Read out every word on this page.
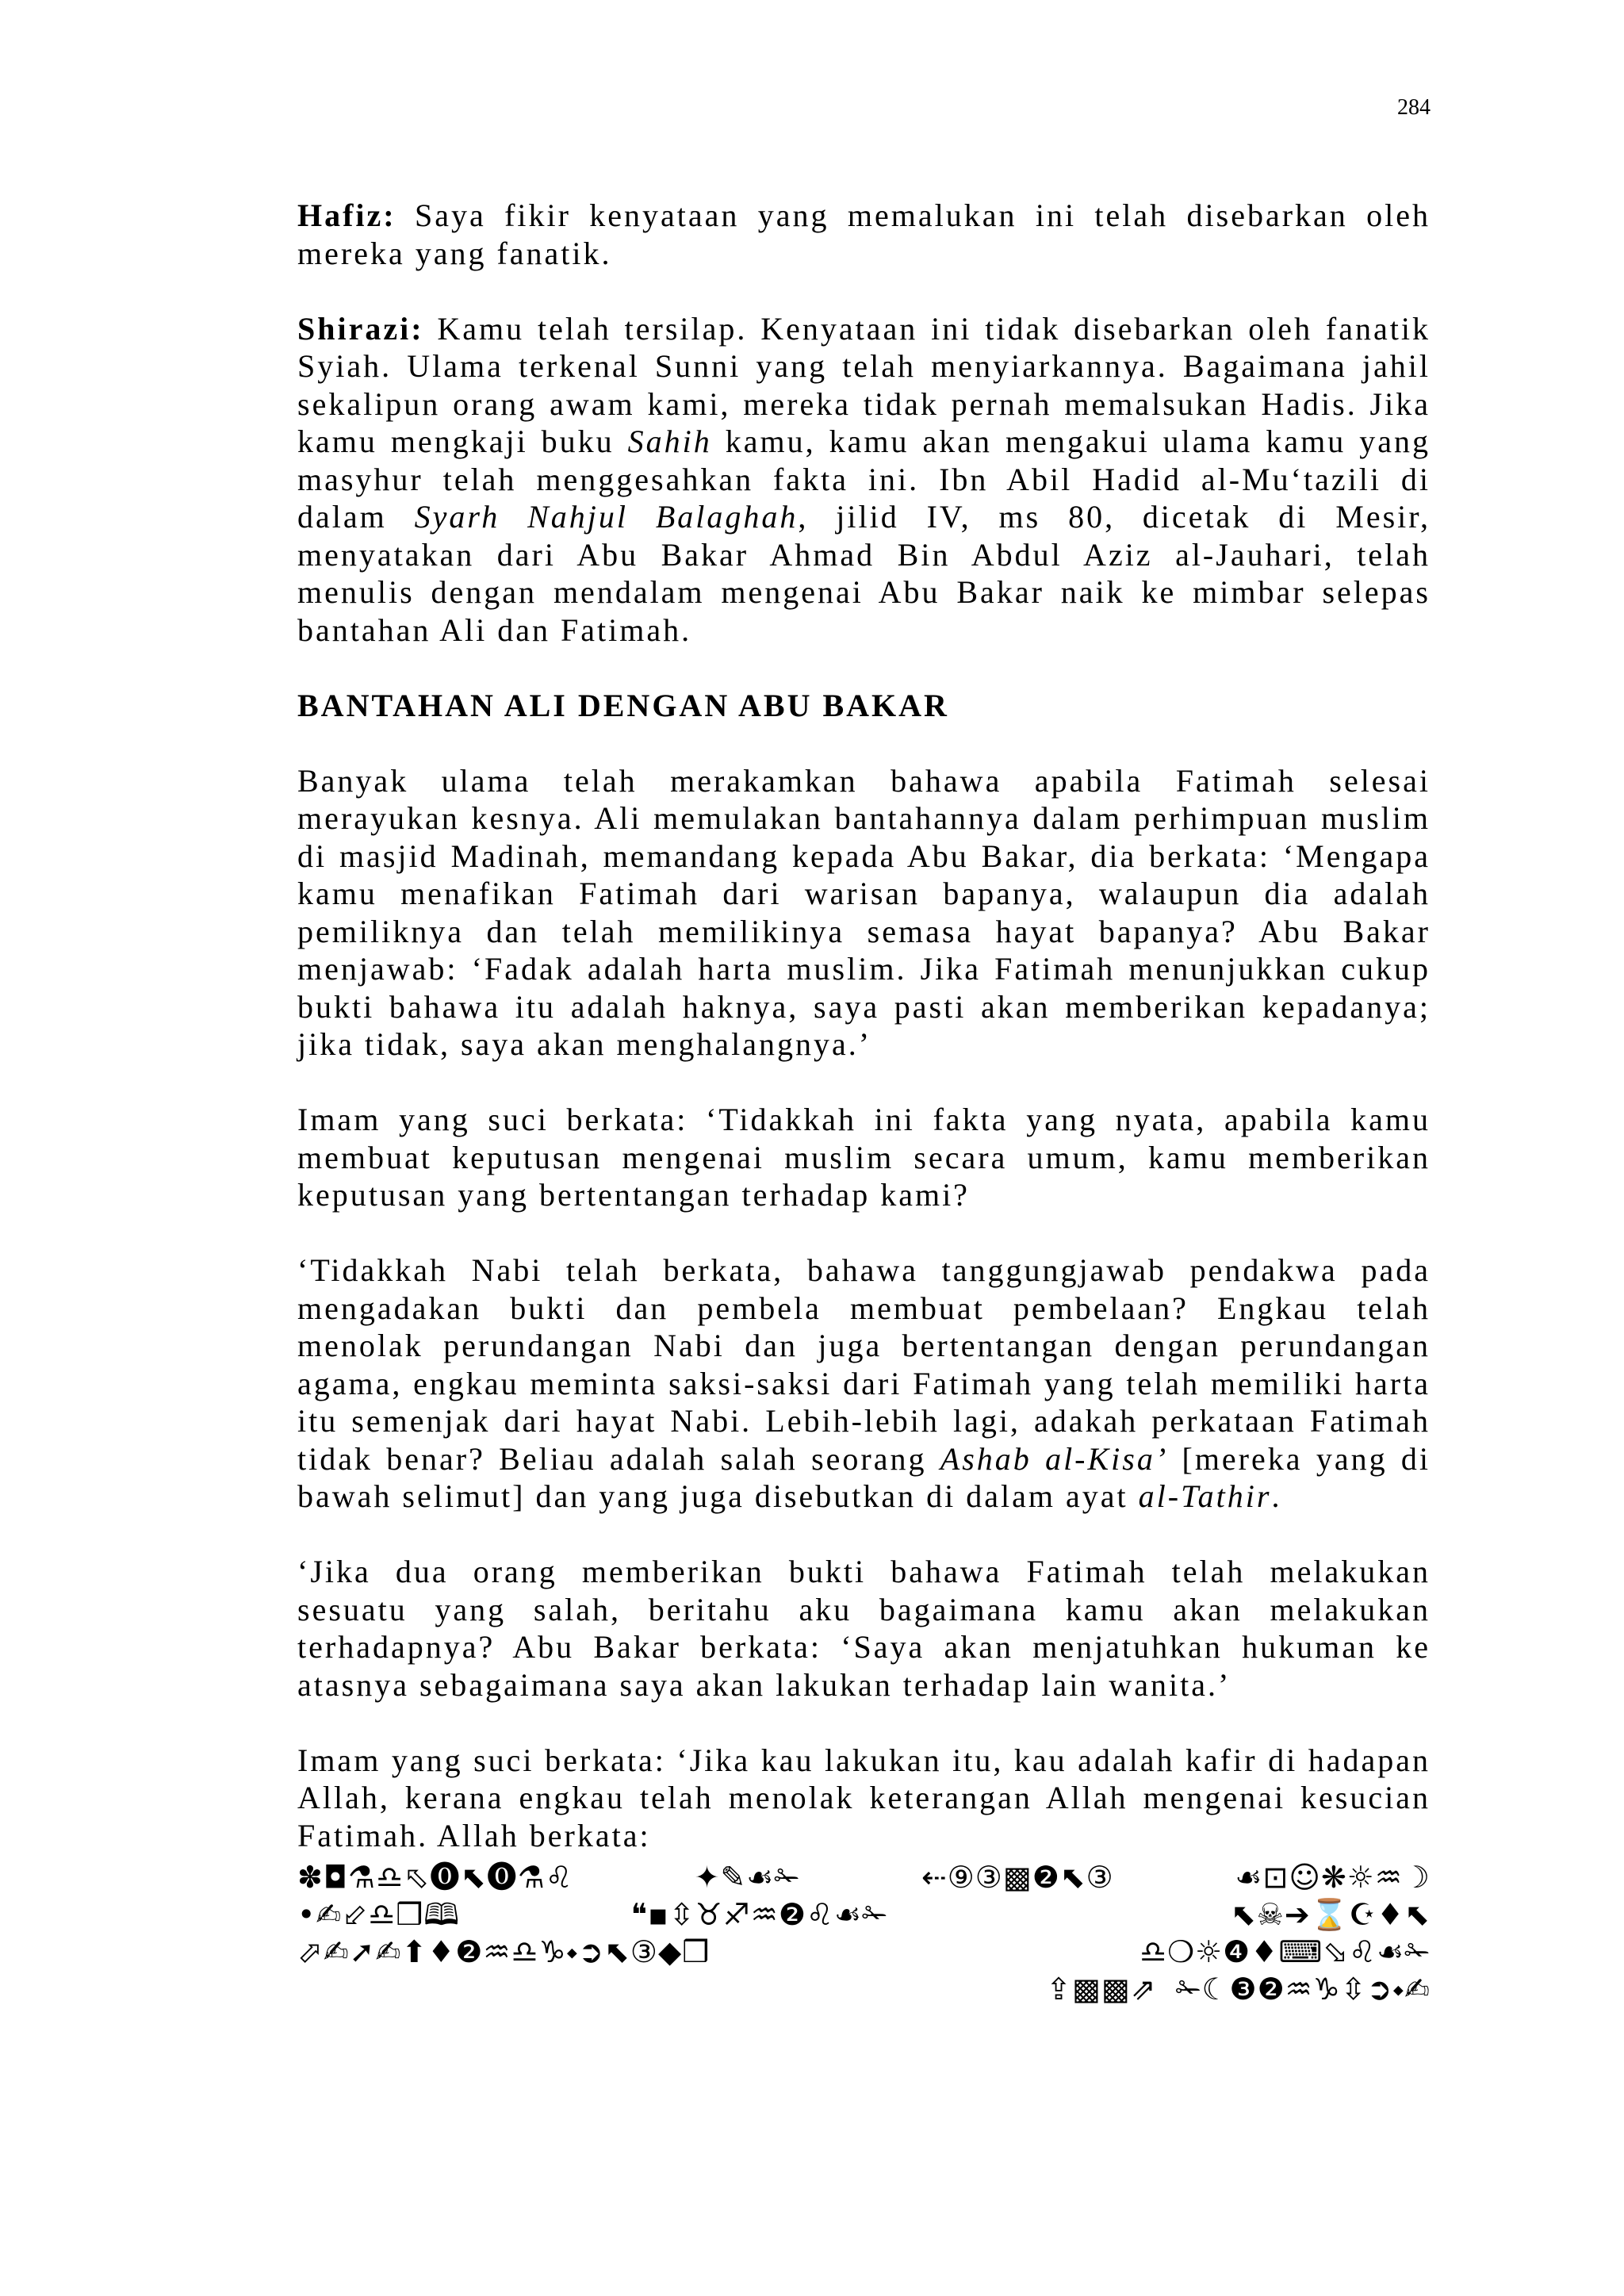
284

Hafiz: Saya fikir kenyataan yang memalukan ini telah disebarkan oleh mereka yang fanatik.

Shirazi: Kamu telah tersilap. Kenyataan ini tidak disebarkan oleh fanatik Syiah. Ulama terkenal Sunni yang telah menyiarkannya. Bagaimana jahil sekalipun orang awam kami, mereka tidak pernah memalsukan Hadis. Jika kamu mengkaji buku Sahih kamu, kamu akan mengakui ulama kamu yang masyhur telah menggesahkan fakta ini. Ibn Abil Hadid al-Mu‘tazili di dalam Syarh Nahjul Balaghah, jilid IV, ms 80, dicetak di Mesir, menyatakan dari Abu Bakar Ahmad Bin Abdul Aziz al-Jauhari, telah menulis dengan mendalam mengenai Abu Bakar naik ke mimbar selepas bantahan Ali dan Fatimah.

BANTAHAN ALI DENGAN ABU BAKAR

Banyak ulama telah merakamkan bahawa apabila Fatimah selesai merayukan kesnya. Ali memulakan bantahannya dalam perhimpuan muslim di masjid Madinah, memandang kepada Abu Bakar, dia berkata: ‘Mengapa kamu menafikan Fatimah dari warisan bapanya, walaupun dia adalah pemiliknya dan telah memilikinya semasa hayat bapanya? Abu Bakar menjawab: ‘Fadak adalah harta muslim. Jika Fatimah menunjukkan cukup bukti bahawa itu adalah haknya, saya pasti akan memberikan kepadanya; jika tidak, saya akan menghalangnya.’

Imam yang suci berkata: ‘Tidakkah ini fakta yang nyata, apabila kamu membuat keputusan mengenai muslim secara umum, kamu memberikan keputusan yang bertentangan terhadap kami?

‘Tidakkah Nabi telah berkata, bahawa tanggungjawab pendakwa pada mengadakan bukti dan pembela membuat pembelaan? Engkau telah menolak perundangan Nabi dan juga bertentangan dengan perundangan agama, engkau meminta saksi-saksi dari Fatimah yang telah memiliki harta itu semenjak dari hayat Nabi. Lebih-lebih lagi, adakah perkataan Fatimah tidak benar? Beliau adalah salah seorang Ashab al-Kisa’ [mereka yang di bawah selimut] dan yang juga disebutkan di dalam ayat al-Tathir.

‘Jika dua orang memberikan bukti bahawa Fatimah telah melakukan sesuatu yang salah, beritahu aku bagaimana kamu akan melakukan terhadapnya? Abu Bakar berkata: ‘Saya akan menjatuhkan hukuman ke atasnya sebagaimana saya akan lakukan terhadap lain wanita.’

Imam yang suci berkata: ‘Jika kau lakukan itu, kau adalah kafir di hadapan Allah, kerana engkau telah menolak keterangan Allah mengenai kesucian Fatimah. Allah berkata:

✽◘⚗♎⬁⓿⬉⓿⚗♌	✦✎☙✁	⇠⑨③▩❷⬉③	☙⊡☺❋☼♒☽
•✍⬃♎❒🕮	❝▪⇳♉♐♒❷♌☙✁	⬉☠➔⌛☪♦⬉
⬀✍➚✍⬆♦❷♒♎♑⬩➲⬉③◆❒	♎❍☼❹♦⌨⬂♌☙✁
⇪▩▩⇗ ✁☾❸❷♒♑⇳➲⬩✍
